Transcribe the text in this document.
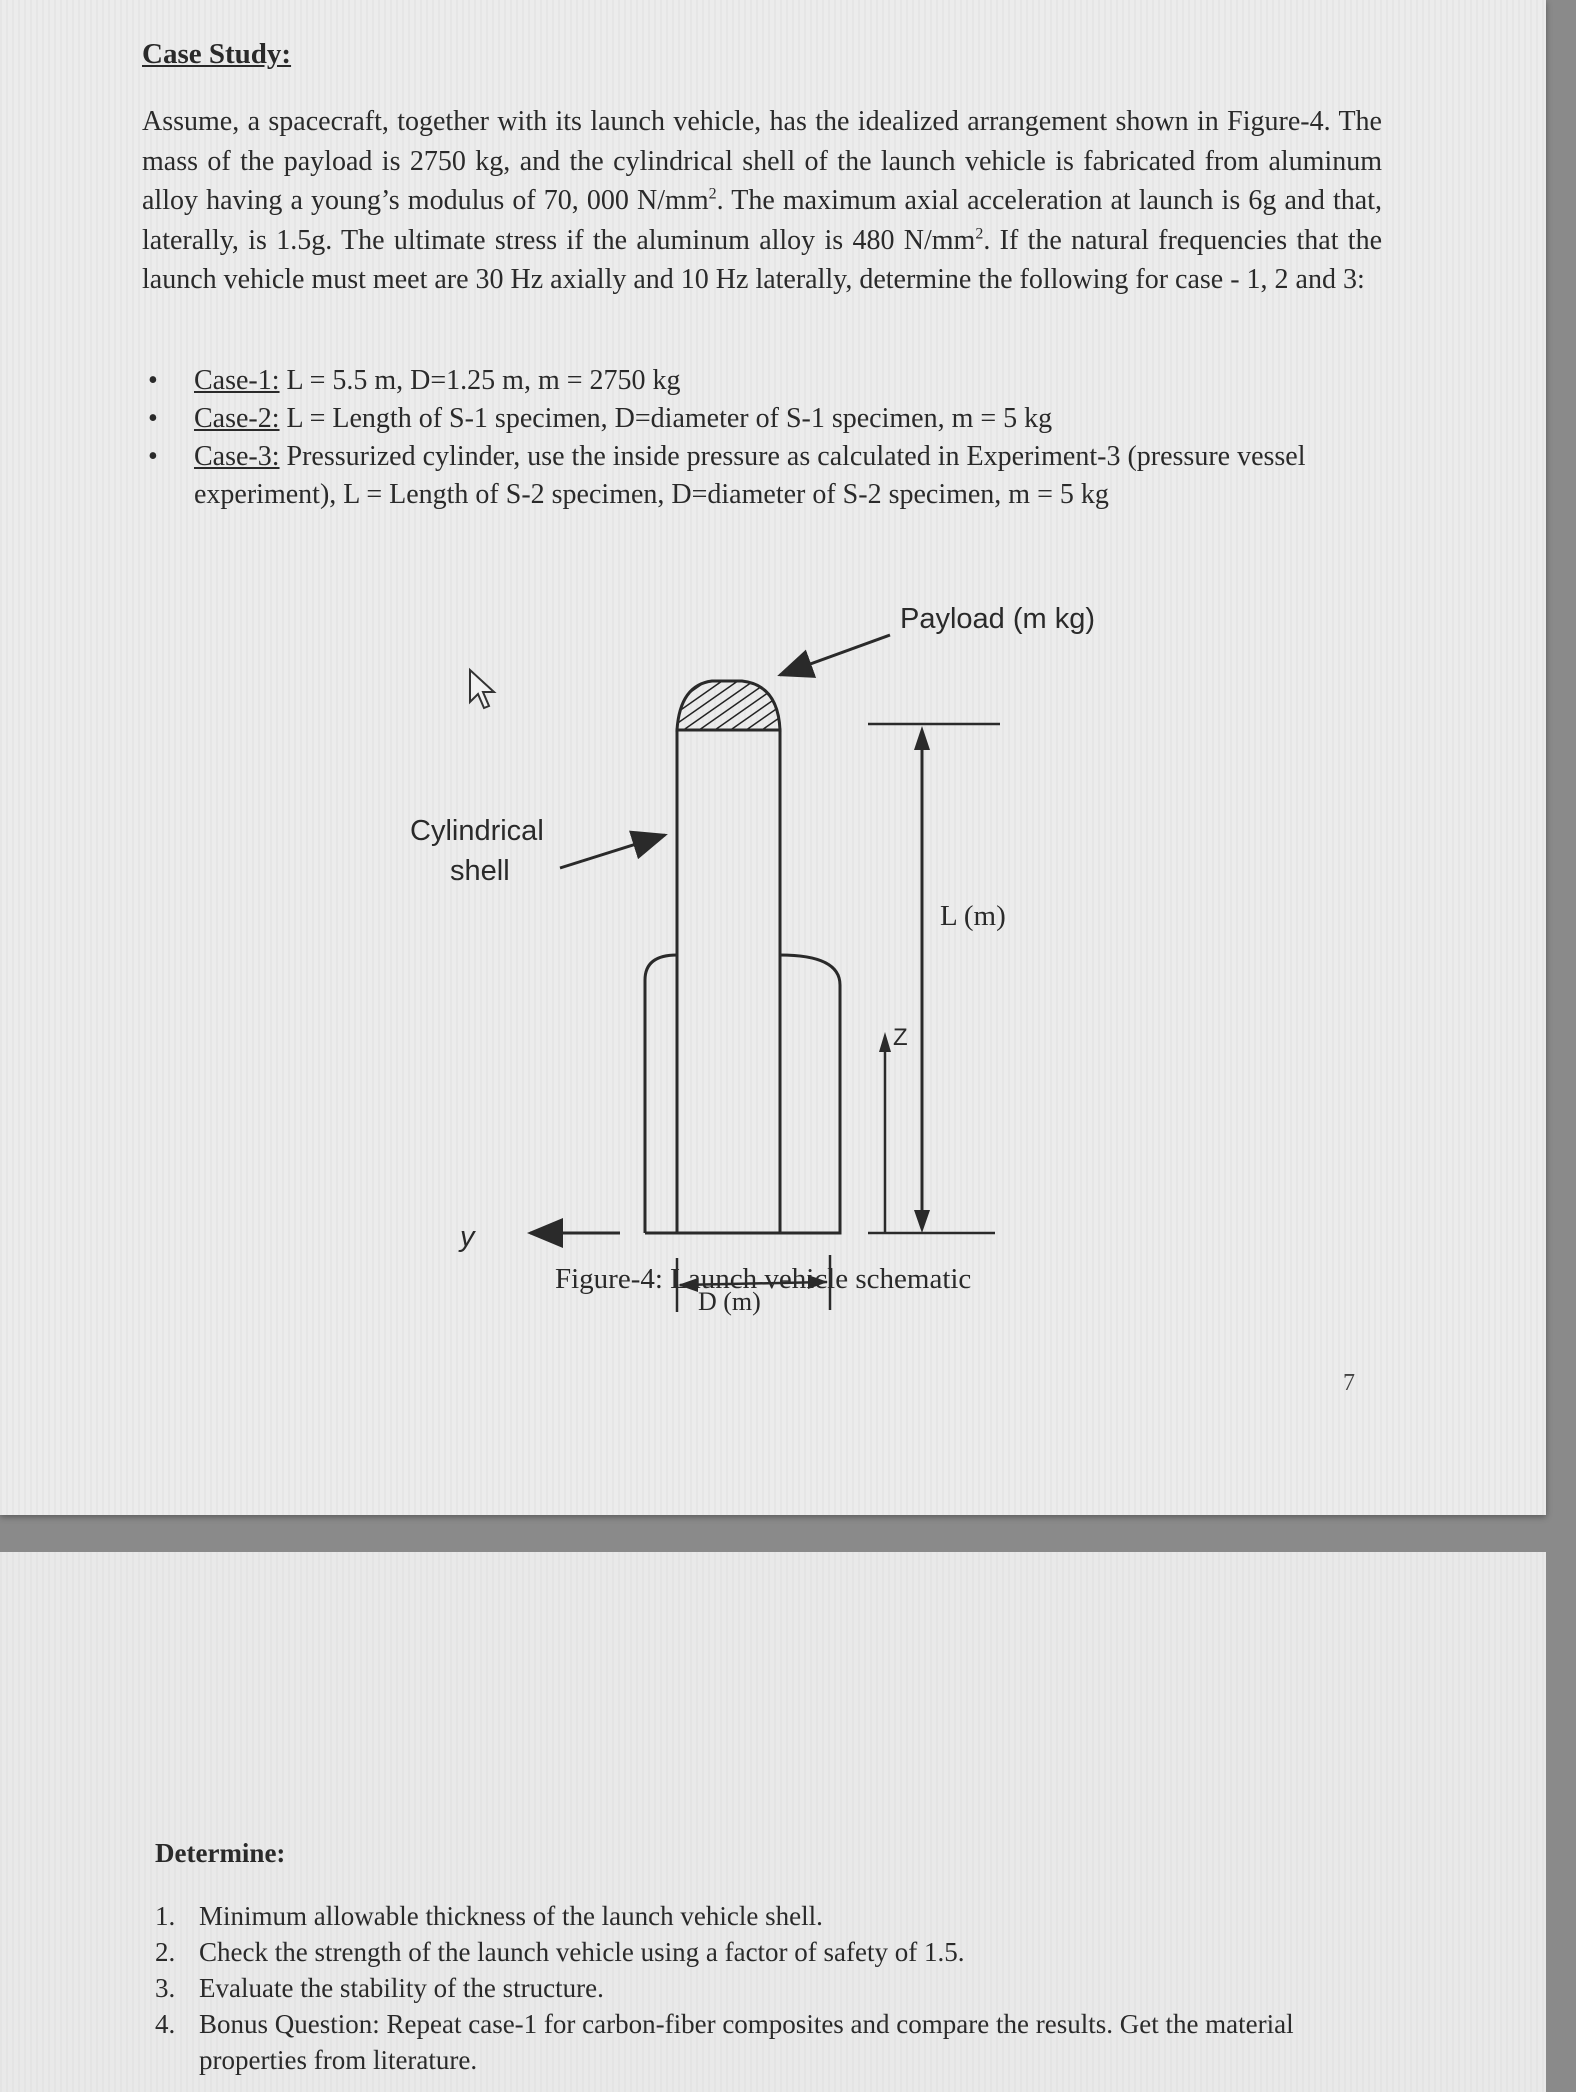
Case Study:
Assume, a spacecraft, together with its launch vehicle, has the idealized arrangement shown in Figure-4. The mass of the payload is 2750 kg, and the cylindrical shell of the launch vehicle is fabricated from aluminum alloy having a young’s modulus of 70, 000 $N/mm^2$. The maximum axial acceleration at launch is 6g and that, laterally, is 1.5g. The ultimate stress if the aluminum alloy is 480 $N/mm^2$. If the natural frequencies that the launch vehicle must meet are 30 Hz axially and 10 Hz laterally, determine the following for case - 1, 2 and 3:
• Case-1: L = 5.5 m, D=1.25 m, m = 2750 kg
• Case-2: L = Length of S-1 specimen, D=diameter of S-1 specimen, m = 5 kg
• Case-3: Pressurized cylinder, use the inside pressure as calculated in Experiment-3 (pressure vessel experiment), L = Length of S-2 specimen, D=diameter of S-2 specimen, m = 5 kg
Payload (m kg)
Cylindrical
shell
L (m)
Z
y
D (m)
Figure-4: Launch vehicle schematic
7
Determine:
1. Minimum allowable thickness of the launch vehicle shell.
2. Check the strength of the launch vehicle using a factor of safety of 1.5.
3. Evaluate the stability of the structure.
4. Bonus Question: Repeat case-1 for carbon-fiber composites and compare the results. Get the material properties from literature.
